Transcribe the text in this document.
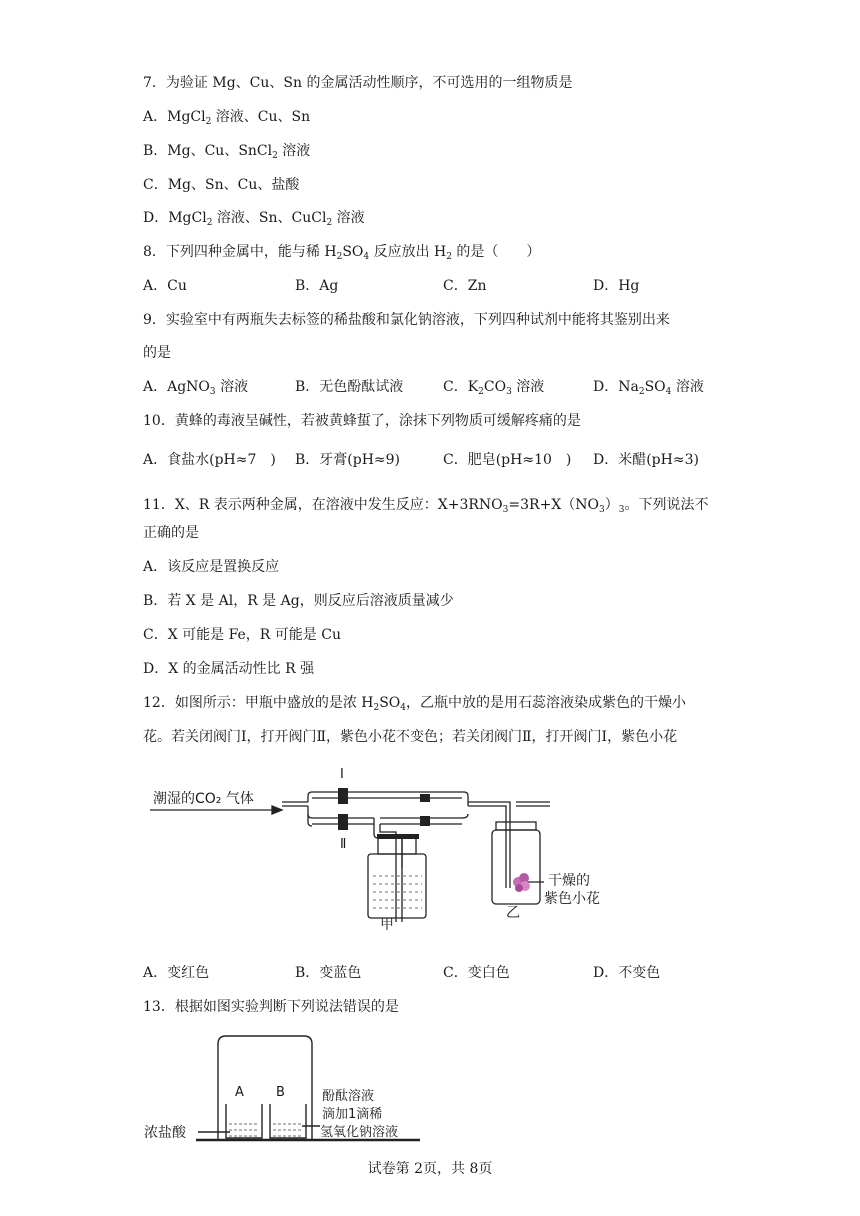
7．为验证 Mg、Cu、Sn 的金属活动性顺序，不可选用的一组物质是
A．MgCl$_2$ 溶液、Cu、Sn
B．Mg、Cu、SnCl$_2$ 溶液
C．Mg、Sn、Cu、盐酸
D．MgCl$_2$ 溶液、Sn、CuCl$_2$ 溶液
8．下列四种金属中，能与稀 $H_2SO_4$ 反应放出 $H_2$ 的是（　　）
A．Cu	B．Ag	C．Zn	D．Hg
9．实验室中有两瓶失去标签的稀盐酸和氯化钠溶液，下列四种试剂中能将其鉴别出来
的是
A．AgNO$_3$ 溶液	B．无色酚酞试液	C．$K_2CO_3$ 溶液	D．$Na_2SO_4$ 溶液
10．黄蜂的毒液呈碱性，若被黄蜂蜇了，涂抹下列物质可缓解疼痛的是
A．食盐水(pH≈7　) B．牙膏(pH≈9)	C．肥皂(pH≈10　) D．米醋(pH≈3)
11．X、R 表示两种金属，在溶液中发生反应：$X+3RNO_3=3R+X(NO_3)_3$。下列说法不
正确的是
A．该反应是置换反应
B．若 X 是 Al，R 是 Ag，则反应后溶液质量减少
C．X 可能是 Fe，R 可能是 Cu
D．X 的金属活动性比 R 强
12．如图所示：甲瓶中盛放的是浓 $H_2SO_4$，乙瓶中放的是用石蕊溶液染成紫色的干燥小
花。若关闭阀门Ⅰ，打开阀门Ⅱ，紫色小花不变色；若关闭阀门Ⅱ，打开阀门Ⅰ，紫色小花
潮湿的CO₂ 气体
Ⅰ
Ⅱ
甲
乙
干燥的
紫色小花
A．变红色	B．变蓝色	C．变白色	D．不变色
13．根据如图实验判断下列说法错误的是
A B	酚酞溶液
滴加1滴稀
氢氧化钠溶液
浓盐酸
试卷第 2页，共 8页
